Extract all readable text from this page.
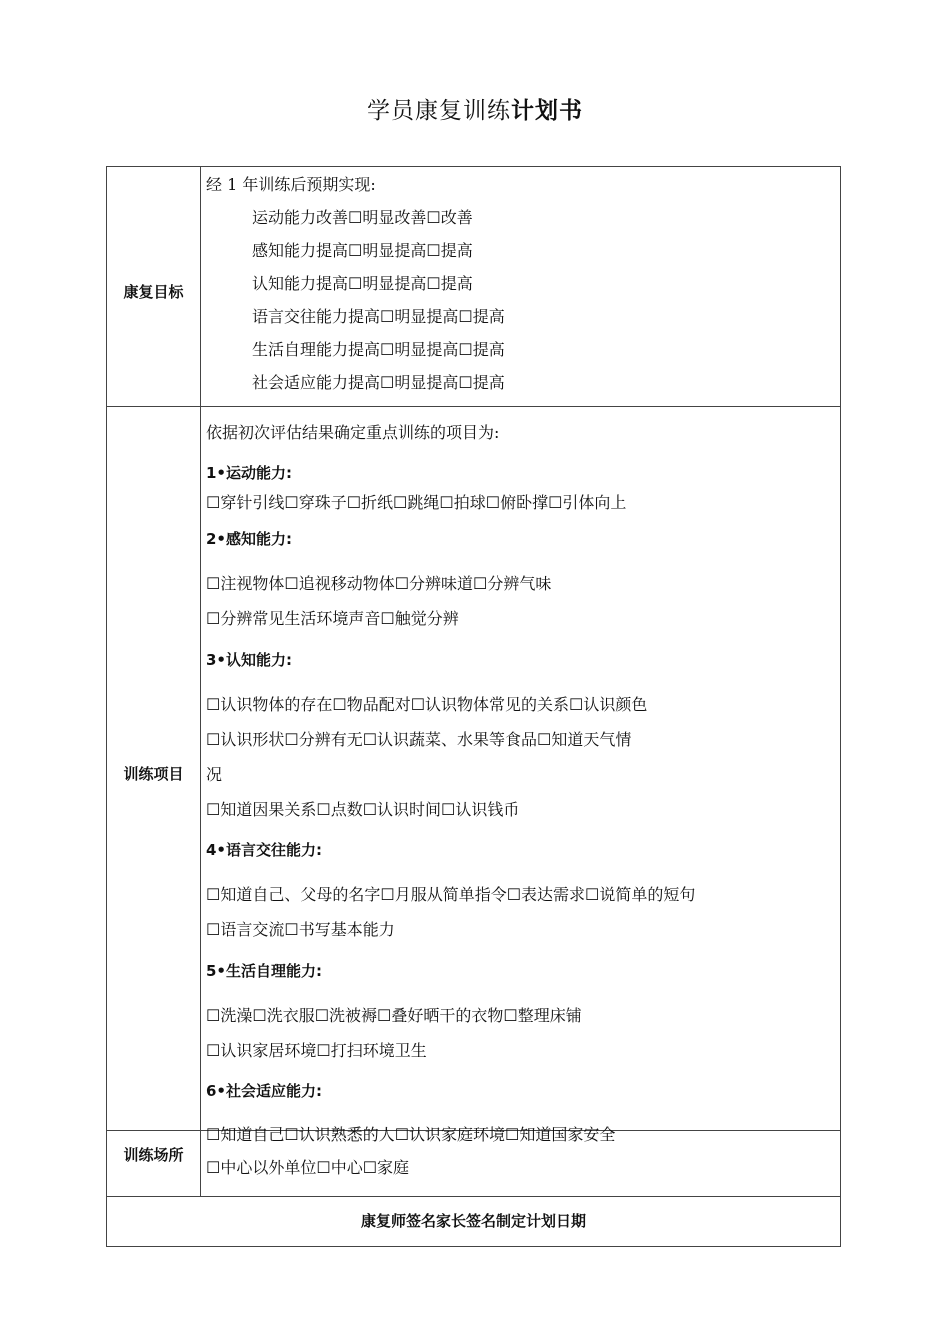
学员康复训练计划书
康复目标
经 1 年训练后预期实现:
运动能力改善☐明显改善☐改善
感知能力提高☐明显提高☐提高
认知能力提高☐明显提高☐提高
语言交往能力提高☐明显提高☐提高
生活自理能力提高☐明显提高☐提高
社会适应能力提高☐明显提高☐提高
训练项目
依据初次评估结果确定重点训练的项目为:
1•运动能力:
☐穿针引线☐穿珠子☐折纸☐跳绳☐拍球☐俯卧撑☐引体向上
2•感知能力:
☐注视物体☐追视移动物体☐分辨味道☐分辨气味
☐分辨常见生活环境声音☐触觉分辨
3•认知能力:
☐认识物体的存在☐物品配对☐认识物体常见的关系☐认识颜色
☐认识形状☐分辨有无☐认识蔬菜、水果等食品☐知道天气情
况
☐知道因果关系☐点数☐认识时间☐认识钱币
4•语言交往能力:
☐知道自己、父母的名字☐月服从简单指令☐表达需求☐说简单的短句
☐语言交流☐书写基本能力
5•生活自理能力:
☐洗澡☐洗衣服☐洗被褥☐叠好晒干的衣物☐整理床铺
☐认识家居环境☐打扫环境卫生
6•社会适应能力:
☐知道自己☐认识熟悉的人☐认识家庭环境☐知道国家安全
训练场所
☐中心以外单位☐中心☐家庭
康复师签名家长签名制定计划日期
